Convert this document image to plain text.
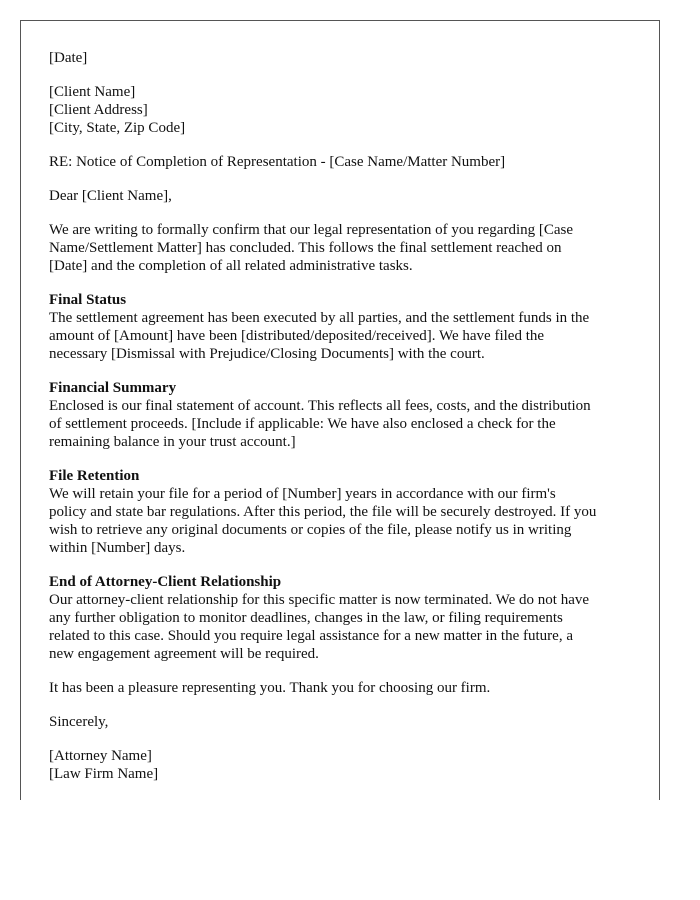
[Date]
[Client Name]
[Client Address]
[City, State, Zip Code]
RE: Notice of Completion of Representation - [Case Name/Matter Number]
Dear [Client Name],
We are writing to formally confirm that our legal representation of you regarding [Case
Name/Settlement Matter] has concluded. This follows the final settlement reached on
[Date] and the completion of all related administrative tasks.
Final Status
The settlement agreement has been executed by all parties, and the settlement funds in the
amount of [Amount] have been [distributed/deposited/received]. We have filed the
necessary [Dismissal with Prejudice/Closing Documents] with the court.
Financial Summary
Enclosed is our final statement of account. This reflects all fees, costs, and the distribution
of settlement proceeds. [Include if applicable: We have also enclosed a check for the
remaining balance in your trust account.]
File Retention
We will retain your file for a period of [Number] years in accordance with our firm's
policy and state bar regulations. After this period, the file will be securely destroyed. If you
wish to retrieve any original documents or copies of the file, please notify us in writing
within [Number] days.
End of Attorney-Client Relationship
Our attorney-client relationship for this specific matter is now terminated. We do not have
any further obligation to monitor deadlines, changes in the law, or filing requirements
related to this case. Should you require legal assistance for a new matter in the future, a
new engagement agreement will be required.
It has been a pleasure representing you. Thank you for choosing our firm.
Sincerely,
[Attorney Name]
[Law Firm Name]
